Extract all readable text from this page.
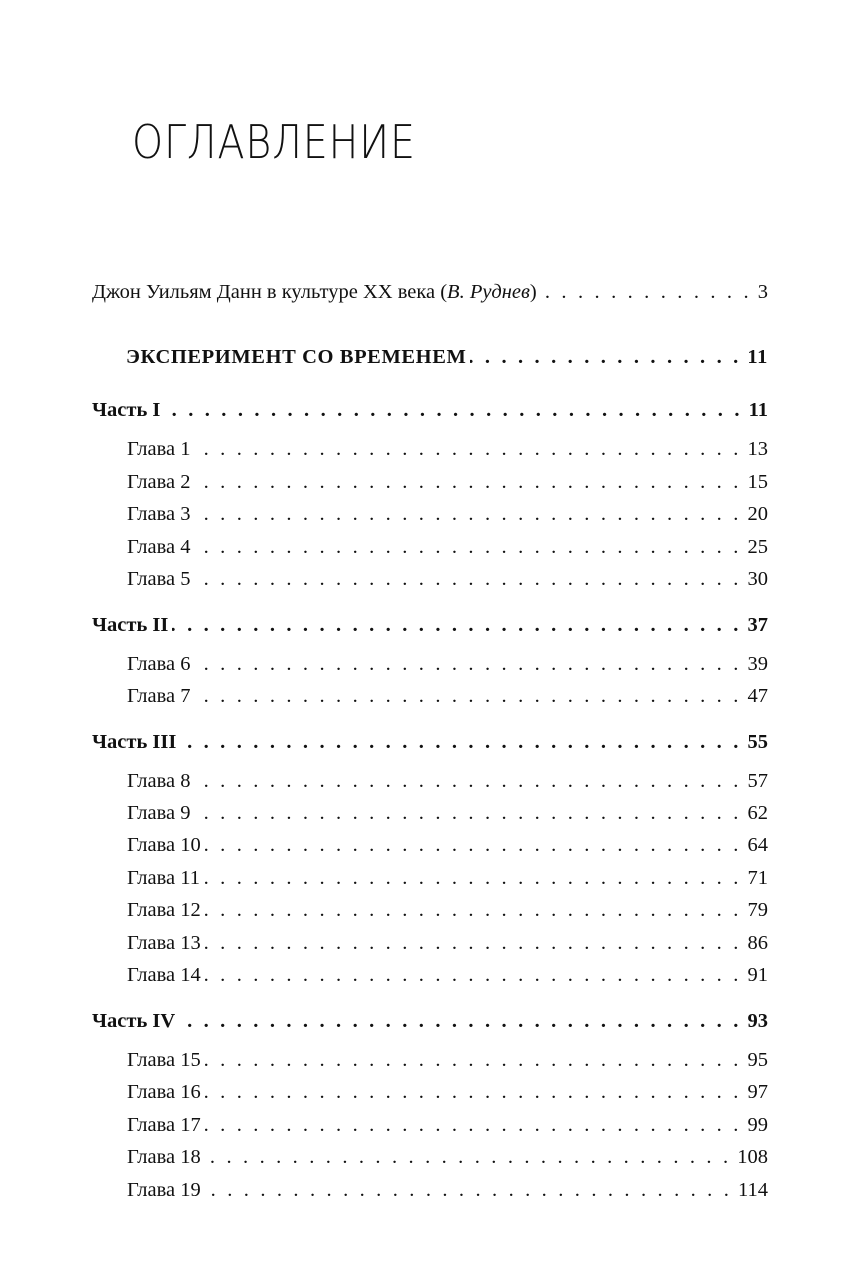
ОГЛАВЛЕНИЕ
Джон Уильям Данн в культуре XX века (В. Руднев) . . .	3
ЭКСПЕРИМЕНТ СО ВРЕМЕНЕМ . . .	11
Часть I . . .	11
Глава 1 . . .	13
Глава 2 . . .	15
Глава 3 . . .	20
Глава 4 . . .	25
Глава 5 . . .	30
Часть II . . .	37
Глава 6 . . .	39
Глава 7 . . .	47
Часть III . . .	55
Глава 8 . . .	57
Глава 9 . . .	62
Глава 10 . . .	64
Глава 11 . . .	71
Глава 12 . . .	79
Глава 13 . . .	86
Глава 14 . . .	91
Часть IV . . .	93
Глава 15 . . .	95
Глава 16 . . .	97
Глава 17 . . .	99
Глава 18 . . .	108
Глава 19 . . .	114
